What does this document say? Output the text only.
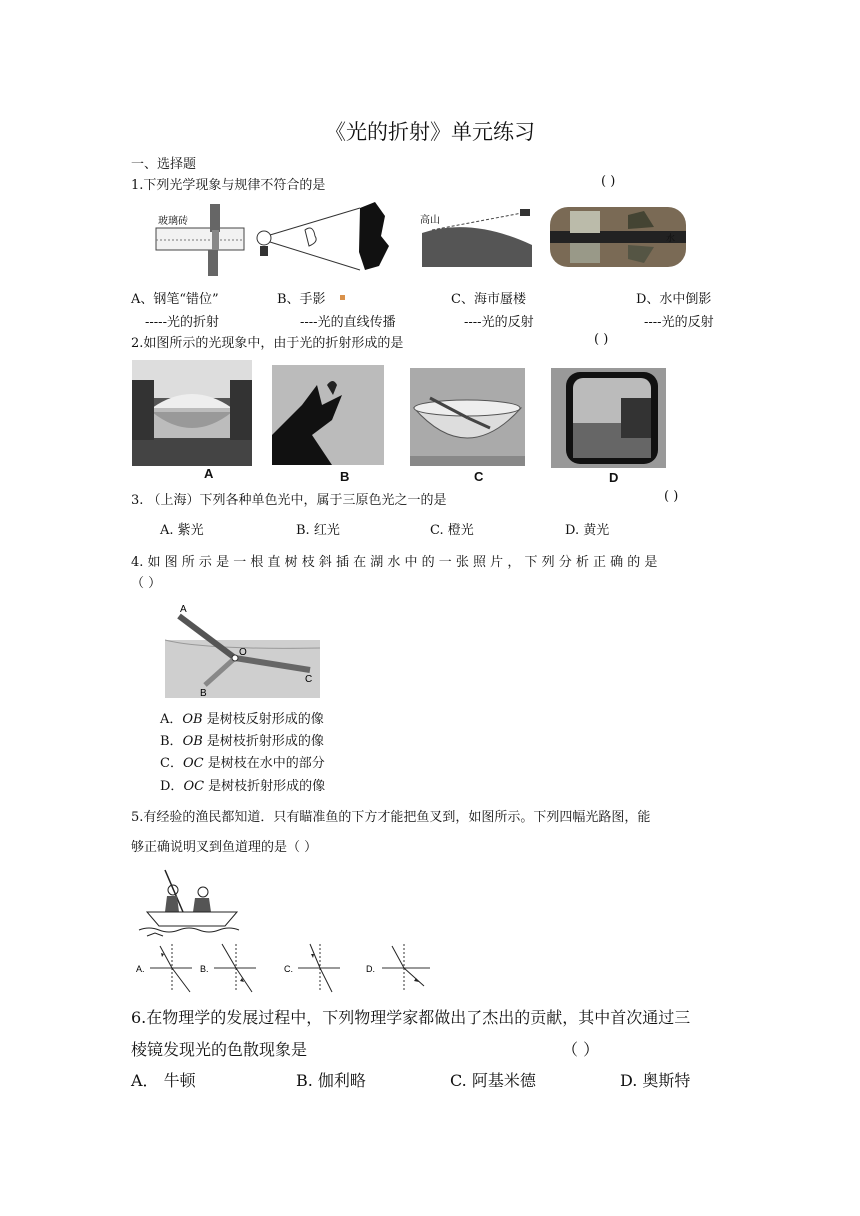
《光的折射》单元练习
一、选择题
1.下列光学现象与规律不符合的是	( )
玻璃砖	高山
水
A、钢笔“错位”	B、手影	C、海市蜃楼	D、水中倒影
-----光的折射	----光的直线传播	----光的反射	----光的反射
2.如图所示的光现象中，由于光的折射形成的是	( )
A	B	C	D
3. （上海）下列各种单色光中，属于三原色光之一的是	( )
A. 紫光	B. 红光	C. 橙光	D. 黄光
4. 如 图 所 示 是 一 根 直 树 枝 斜 插 在 湖 水 中 的 一 张 照 片 ， 下 列 分 析 正 确 的 是
（ ）
A
O
B
C
A．OB 是树枝反射形成的像
B．OB 是树枝折射形成的像
C．OC 是树枝在水中的部分
D．OC 是树枝折射形成的像
5.有经验的渔民都知道．只有瞄准鱼的下方才能把鱼叉到，如图所示。下列四幅光路图，能
够正确说明叉到鱼道理的是（ ）
A.	B.	C.	D.
6.在物理学的发展过程中，下列物理学家都做出了杰出的贡献，其中首次通过三
棱镜发现光的色散现象是	（ ）
A． 牛顿	B. 伽利略	C. 阿基米德	D. 奥斯特
